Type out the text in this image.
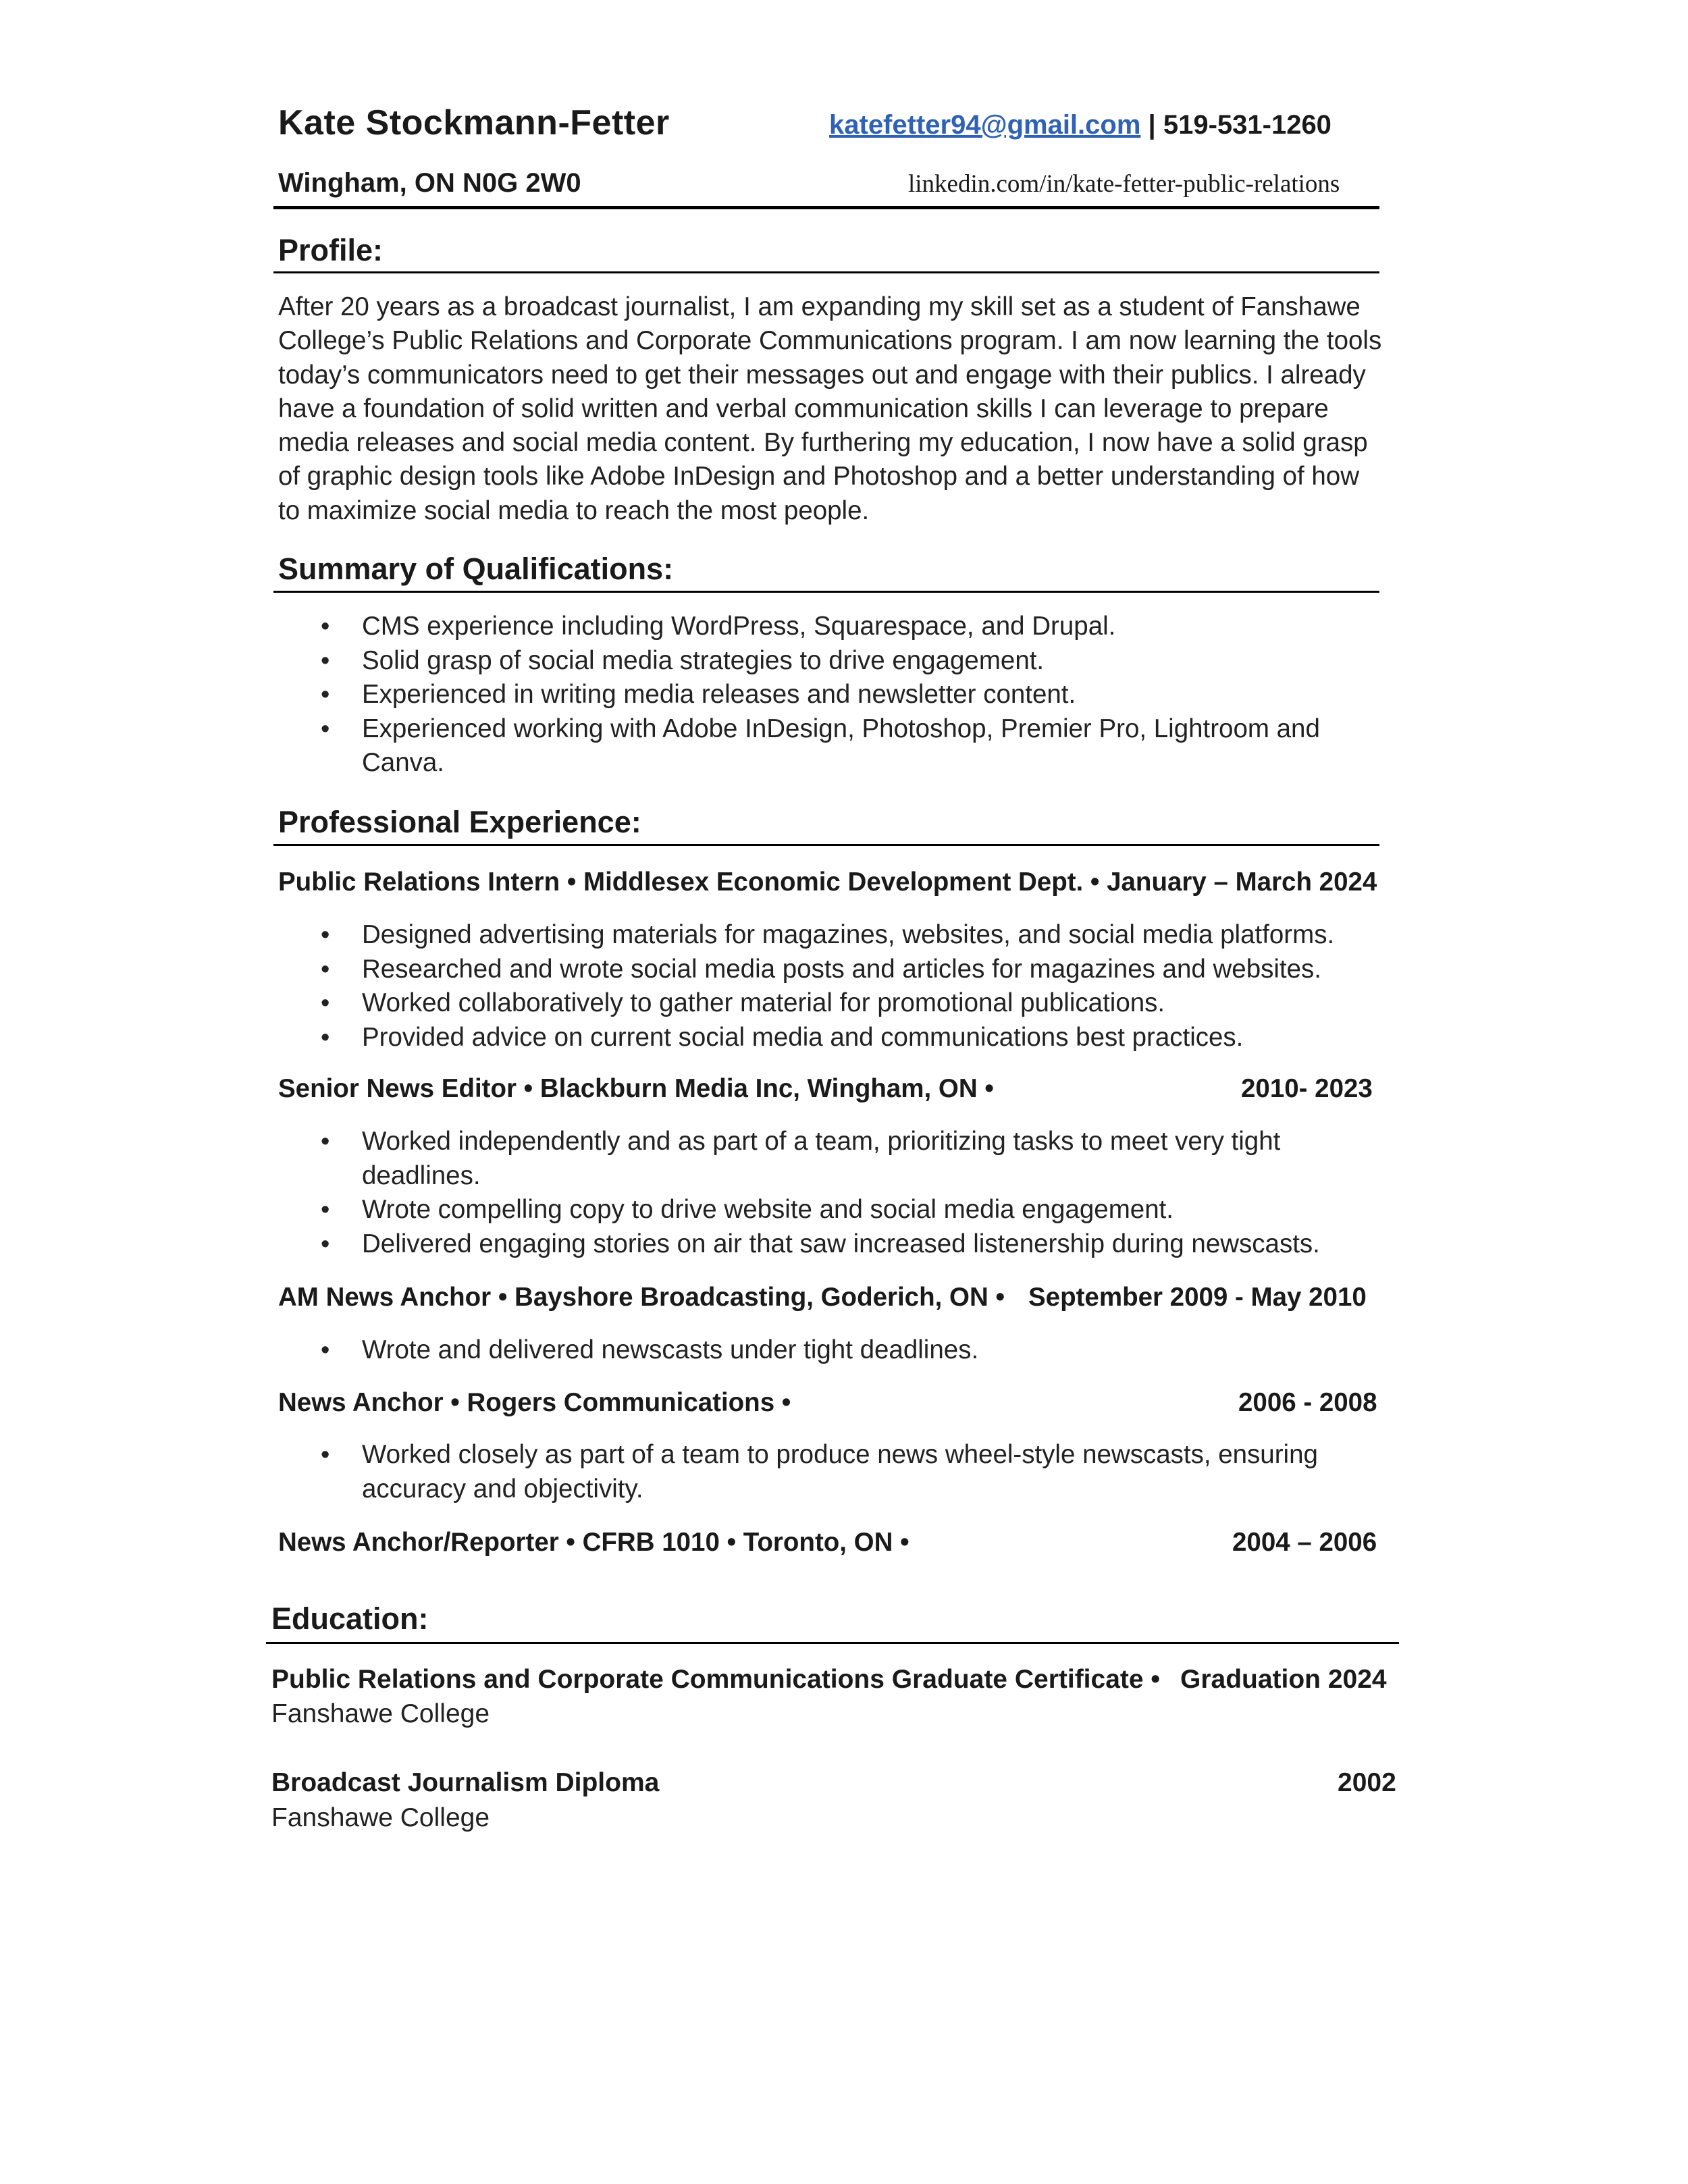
Kate Stockmann-Fetter	katefetter94@gmail.com | 519-531-1260
Wingham, ON N0G 2W0	linkedin.com/in/kate-fetter-public-relations
Profile:
After 20 years as a broadcast journalist, I am expanding my skill set as a student of Fanshawe
College’s Public Relations and Corporate Communications program. I am now learning the tools
today’s communicators need to get their messages out and engage with their publics. I already
have a foundation of solid written and verbal communication skills I can leverage to prepare
media releases and social media content. By furthering my education, I now have a solid grasp
of graphic design tools like Adobe InDesign and Photoshop and a better understanding of how
to maximize social media to reach the most people.
Summary of Qualifications:
• CMS experience including WordPress, Squarespace, and Drupal.
• Solid grasp of social media strategies to drive engagement.
• Experienced in writing media releases and newsletter content.
• Experienced working with Adobe InDesign, Photoshop, Premier Pro, Lightroom and Canva.
Professional Experience:
Public Relations Intern • Middlesex Economic Development Dept. • January – March 2024
• Designed advertising materials for magazines, websites, and social media platforms.
• Researched and wrote social media posts and articles for magazines and websites.
• Worked collaboratively to gather material for promotional publications.
• Provided advice on current social media and communications best practices.
Senior News Editor • Blackburn Media Inc, Wingham, ON •	2010- 2023
• Worked independently and as part of a team, prioritizing tasks to meet very tight deadlines.
• Wrote compelling copy to drive website and social media engagement.
• Delivered engaging stories on air that saw increased listenership during newscasts.
AM News Anchor • Bayshore Broadcasting, Goderich, ON • September 2009 - May 2010
• Wrote and delivered newscasts under tight deadlines.
News Anchor • Rogers Communications •	2006 - 2008
• Worked closely as part of a team to produce news wheel-style newscasts, ensuring accuracy and objectivity.
News Anchor/Reporter • CFRB 1010 • Toronto, ON •	2004 – 2006
Education:
Public Relations and Corporate Communications Graduate Certificate • Graduation 2024
Fanshawe College
Broadcast Journalism Diploma	2002
Fanshawe College
